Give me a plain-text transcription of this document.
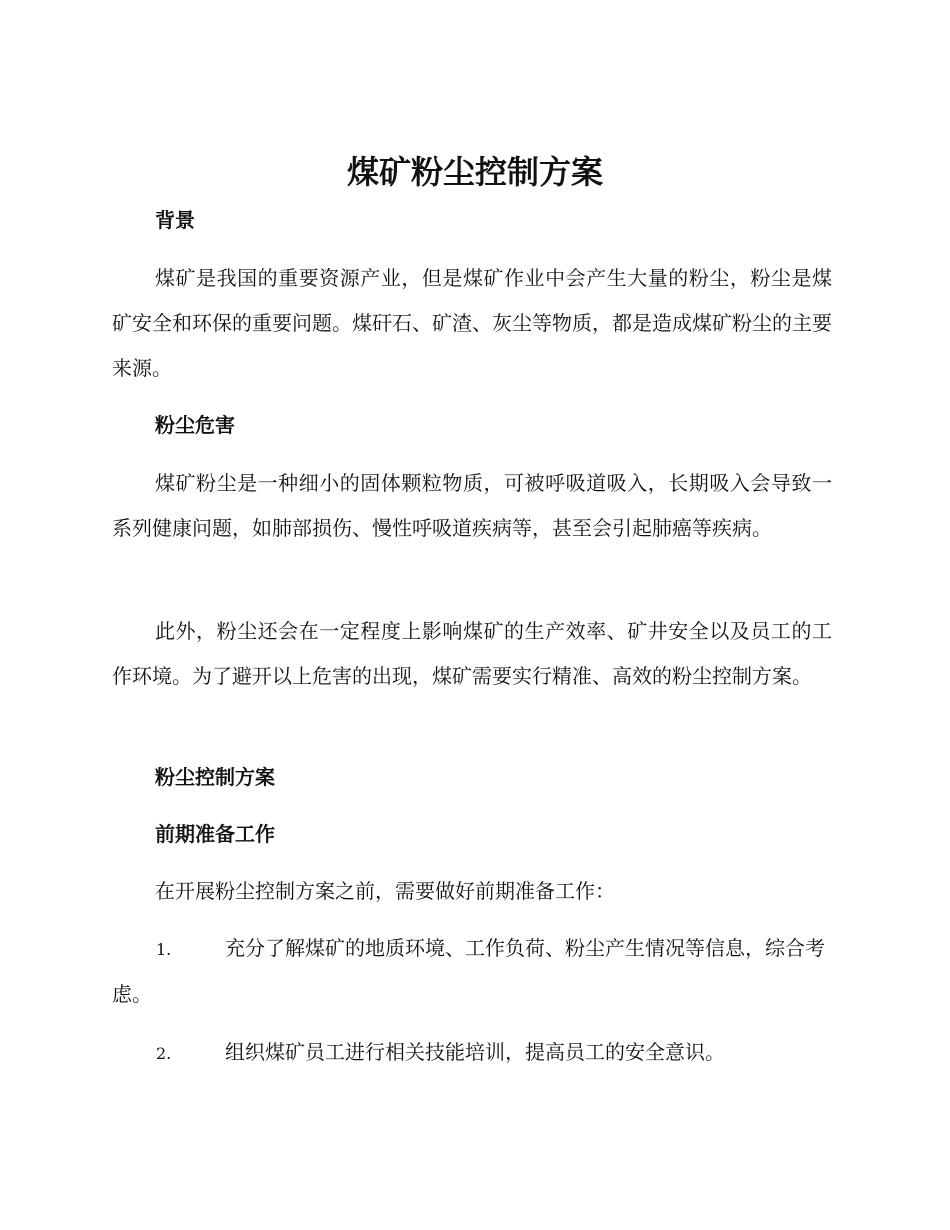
煤矿粉尘控制方案
背景

煤矿是我国的重要资源产业，但是煤矿作业中会产生大量的粉尘，粉尘是煤矿安全和环保的重要问题。煤矸石、矿渣、灰尘等物质，都是造成煤矿粉尘的主要来源。

粉尘危害

煤矿粉尘是一种细小的固体颗粒物质，可被呼吸道吸入，长期吸入会导致一系列健康问题，如肺部损伤、慢性呼吸道疾病等，甚至会引起肺癌等疾病。

此外，粉尘还会在一定程度上影响煤矿的生产效率、矿井安全以及员工的工作环境。为了避开以上危害的出现，煤矿需要实行精准、高效的粉尘控制方案。

粉尘控制方案
前期准备工作

在开展粉尘控制方案之前，需要做好前期准备工作：

1.	充分了解煤矿的地质环境、工作负荷、粉尘产生情况等信息，综合考虑。

2.	组织煤矿员工进行相关技能培训，提高员工的安全意识。
